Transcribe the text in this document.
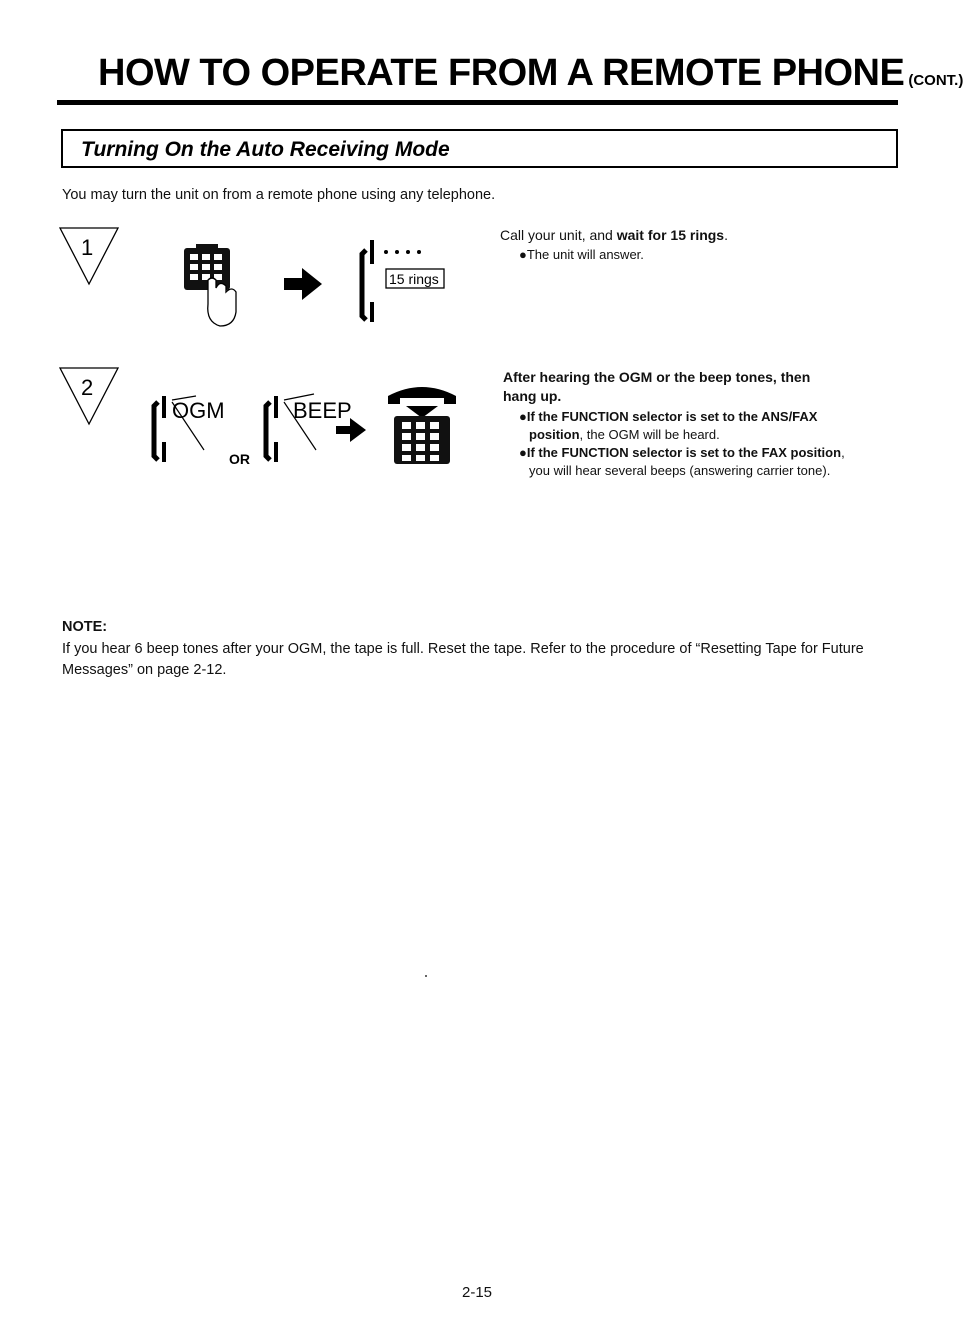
HOW TO OPERATE FROM A REMOTE PHONE (CONT.)
Turning On the Auto Receiving Mode
You may turn the unit on from a remote phone using any telephone.
1
15 rings
Call your unit, and wait for 15 rings.
●The unit will answer.
2
OGM
OR
BEEP
After hearing the OGM or the beep tones, then
hang up.
●If the FUNCTION selector is set to the ANS/FAX
position, the OGM will be heard.
●If the FUNCTION selector is set to the FAX position,
you will hear several beeps (answering carrier tone).
NOTE:
If you hear 6 beep tones after your OGM, the tape is full. Reset the tape. Refer to the procedure of “Resetting Tape for Future Messages” on page 2-12.
2-15
